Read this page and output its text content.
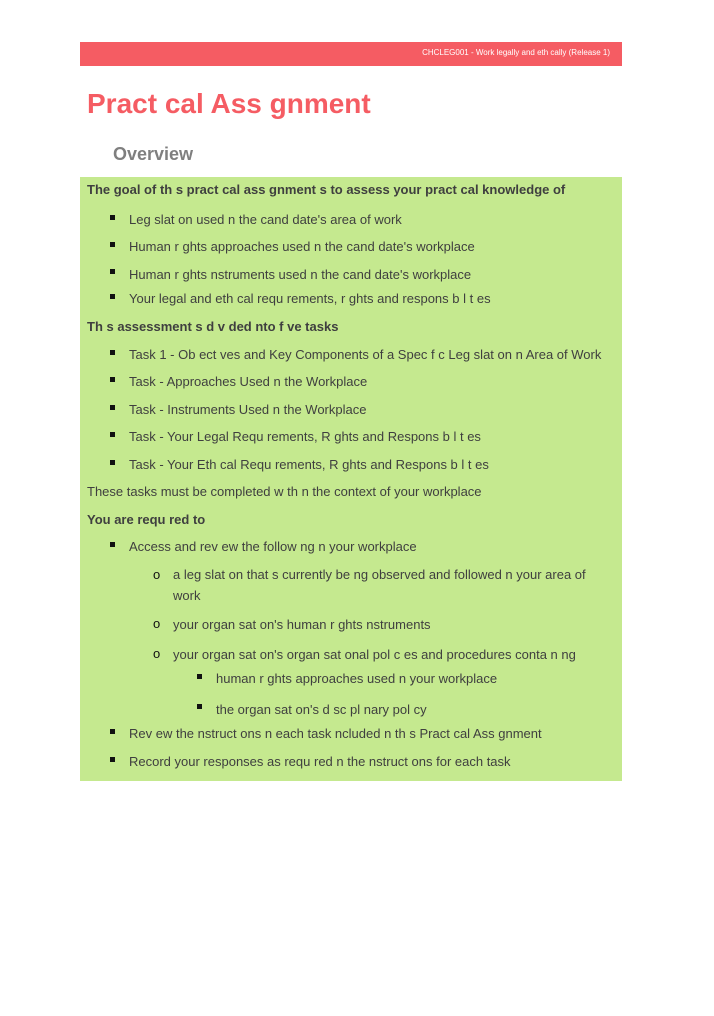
CHCLEG001 - Work legally and eth cally (Release 1)
Pract cal Ass gnment
Overview
The goal of th s pract cal ass gnment s to assess your pract cal knowledge of
Leg slat on used n the cand date's area of work
Human r ghts approaches used n the cand date's workplace
Human r ghts nstruments used n the cand date's workplace
Your legal and eth cal requ rements, r ghts and respons b l t es
Th s assessment s d v ded nto f ve tasks
Task 1 - Ob ect ves and Key Components of a Spec f c Leg slat on n Area of Work
Task - Approaches Used n the Workplace
Task - Instruments Used n the Workplace
Task - Your Legal Requ rements, R ghts and Respons b l t es
Task - Your Eth cal Requ rements, R ghts and Respons b l t es
These tasks must be completed w th n the context of your workplace
You are requ red to
Access and rev ew the follow ng n your workplace
o a leg slat on that s currently be ng observed and followed n your area of
work
o your organ sat on's human r ghts nstruments
o your organ sat on's organ sat onal pol c es and procedures conta n ng
human r ghts approaches used n your workplace
the organ sat on's d sc pl nary pol cy
Rev ew the nstruct ons n each task ncluded n th s Pract cal Ass gnment
Record your responses as requ red n the nstruct ons for each task
